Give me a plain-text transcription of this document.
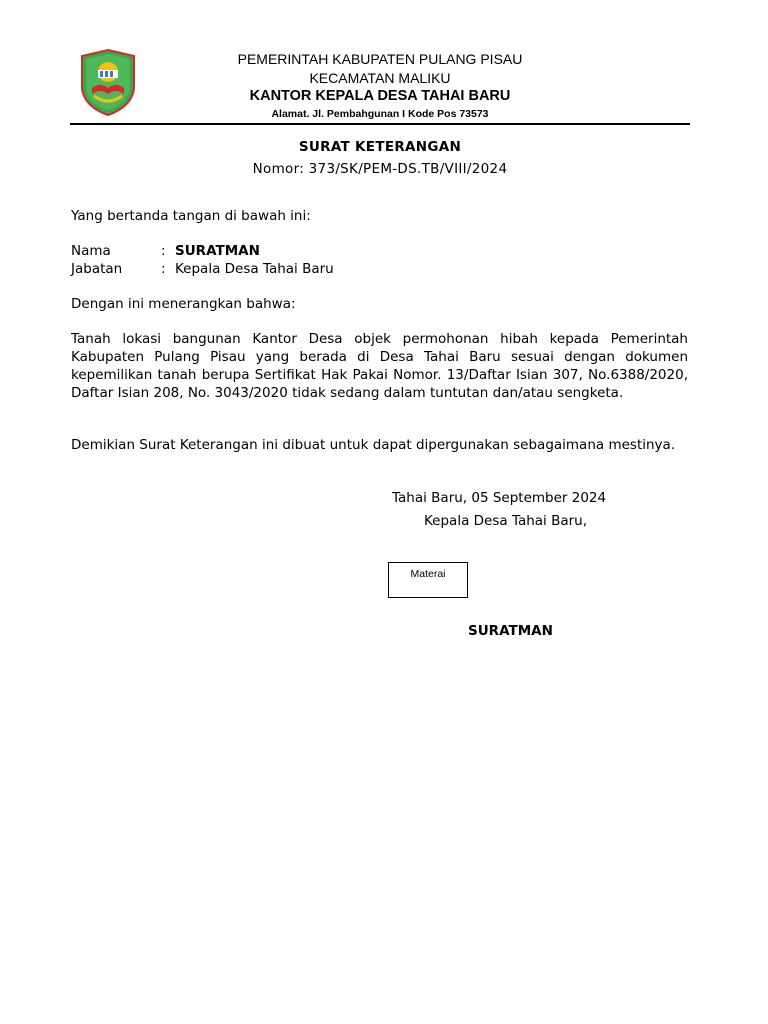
PEMERINTAH KABUPATEN PULANG PISAU
KECAMATAN MALIKU
KANTOR KEPALA DESA TAHAI BARU
Alamat. Jl. Pembahgunan I Kode Pos 73573
SURAT KETERANGAN
Nomor: 373/SK/PEM-DS.TB/VIII/2024
Yang bertanda tangan di bawah ini:
Nama	: SURATMAN
Jabatan	: Kepala Desa Tahai Baru
Dengan ini menerangkan bahwa:
Tanah lokasi bangunan Kantor Desa objek permohonan hibah kepada Pemerintah Kabupaten Pulang Pisau yang berada di Desa Tahai Baru sesuai dengan dokumen kepemilikan tanah berupa Sertifikat Hak Pakai Nomor. 13/Daftar Isian 307, No.6388/2020, Daftar Isian 208, No. 3043/2020 tidak sedang dalam tuntutan dan/atau sengketa.
Demikian Surat Keterangan ini dibuat untuk dapat dipergunakan sebagaimana mestinya.
Tahai Baru, 05 September 2024
Kepala Desa Tahai Baru,
Materai
SURATMAN
